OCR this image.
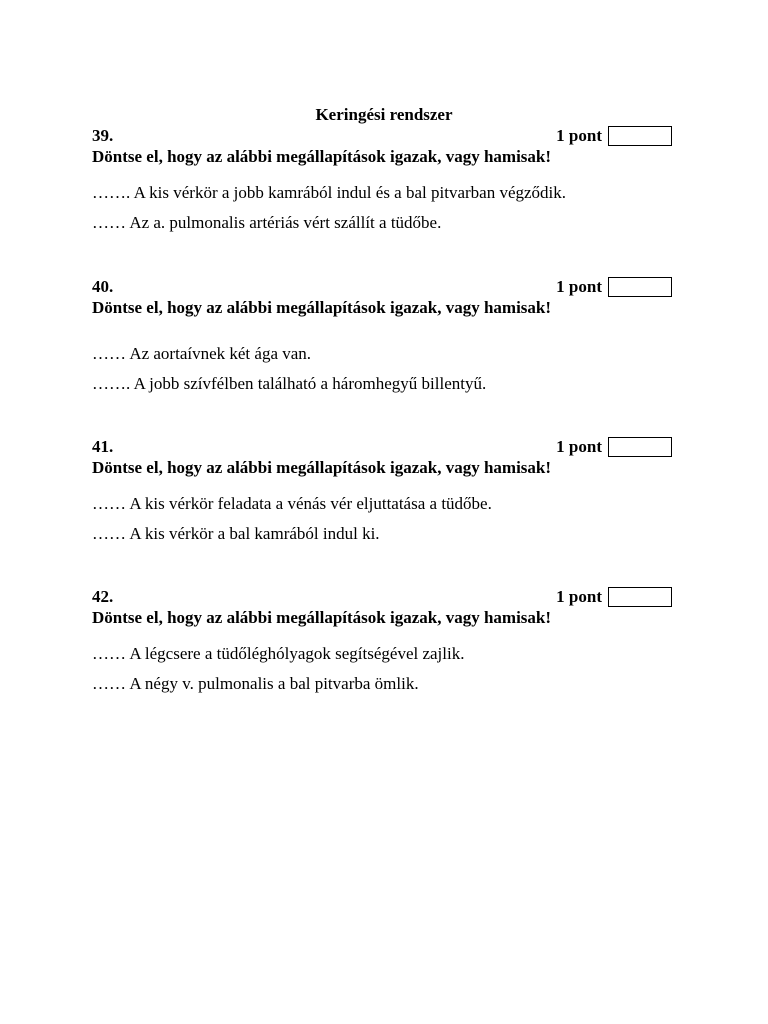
Keringési rendszer
39.	1 pont
Döntse el, hogy az alábbi megállapítások igazak, vagy hamisak!
……. A kis vérkör a jobb kamrából indul és a bal pitvarban végződik.
…… Az a. pulmonalis artériás vért szállít a tüdőbe.
40.	1 pont
Döntse el, hogy az alábbi megállapítások igazak, vagy hamisak!
…… Az aortaívnek két ága van.
……. A jobb szívfélben található a háromhegyű billentyű.
41.	1 pont
Döntse el, hogy az alábbi megállapítások igazak, vagy hamisak!
…… A kis vérkör feladata a vénás vér eljuttatása a tüdőbe.
…… A kis vérkör a bal kamrából indul ki.
42.	1 pont
Döntse el, hogy az alábbi megállapítások igazak, vagy hamisak!
…… A légcsere a tüdőléghólyagok segítségével zajlik.
…… A négy v. pulmonalis a bal pitvarba ömlik.
